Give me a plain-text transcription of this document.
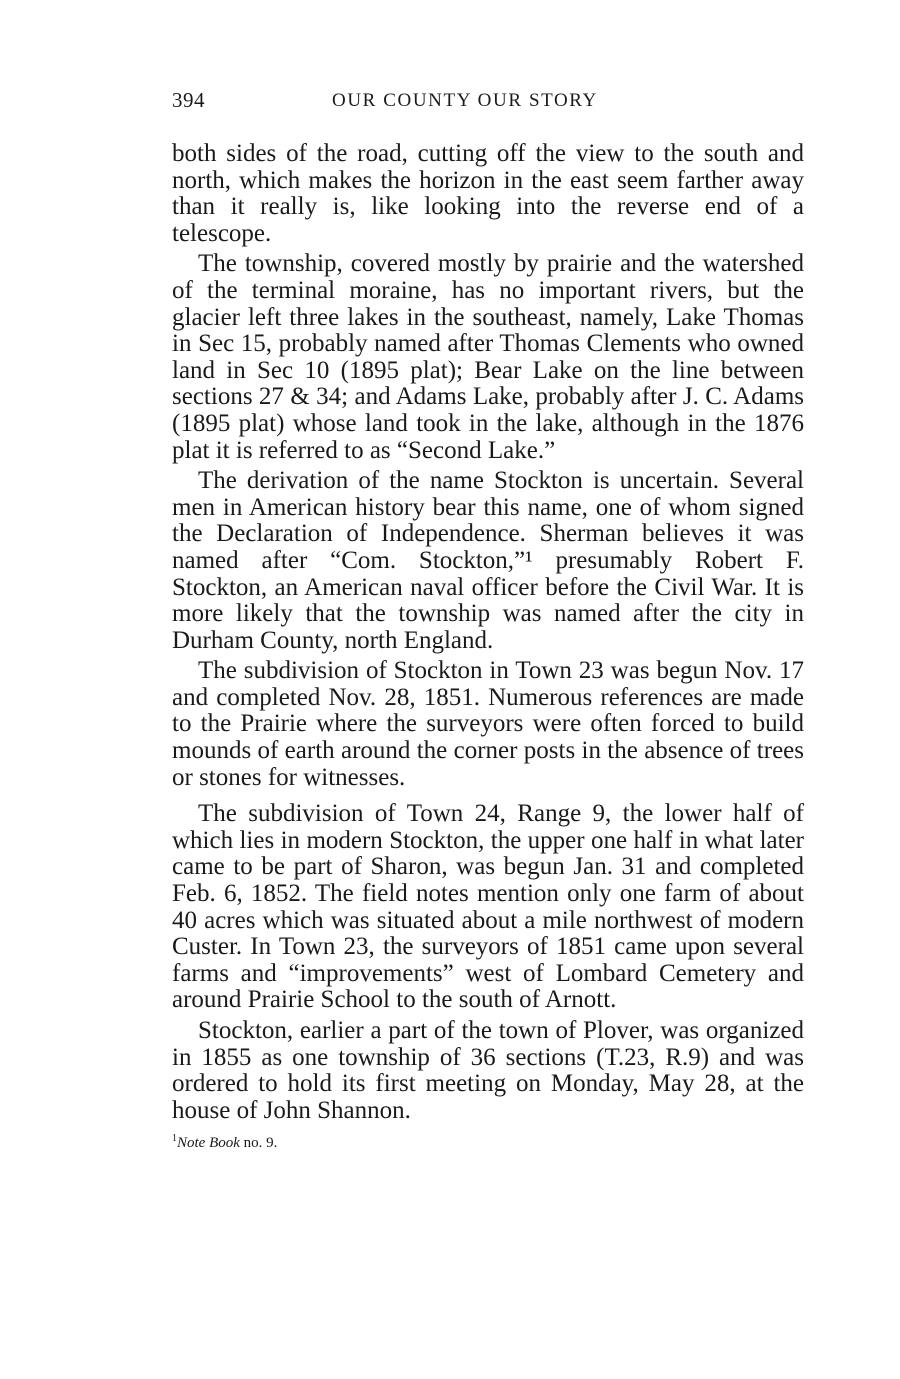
394	OUR COUNTY OUR STORY

both sides of the road, cutting off the view to the south and north, which makes the horizon in the east seem farther away than it really is, like looking into the reverse end of a telescope.

The township, covered mostly by prairie and the watershed of the terminal moraine, has no important rivers, but the glacier left three lakes in the southeast, namely, Lake Thomas in Sec 15, probably named after Thomas Clements who owned land in Sec 10 (1895 plat); Bear Lake on the line between sections 27 & 34; and Adams Lake, probably after J. C. Adams (1895 plat) whose land took in the lake, although in the 1876 plat it is referred to as “Second Lake.”

The derivation of the name Stockton is uncertain. Several men in American history bear this name, one of whom signed the Declaration of Independence. Sherman believes it was named after “Com. Stockton,”¹ presumably Robert F. Stockton, an American naval officer before the Civil War. It is more likely that the township was named after the city in Durham County, north England.

The subdivision of Stockton in Town 23 was begun Nov. 17 and completed Nov. 28, 1851. Numerous references are made to the Prairie where the surveyors were often forced to build mounds of earth around the corner posts in the absence of trees or stones for witnesses.

The subdivision of Town 24, Range 9, the lower half of which lies in modern Stockton, the upper one half in what later came to be part of Sharon, was begun Jan. 31 and completed Feb. 6, 1852. The field notes mention only one farm of about 40 acres which was situated about a mile northwest of modern Custer. In Town 23, the surveyors of 1851 came upon several farms and “improvements” west of Lombard Cemetery and around Prairie School to the south of Arnott.

Stockton, earlier a part of the town of Plover, was organized in 1855 as one township of 36 sections (T.23, R.9) and was ordered to hold its first meeting on Monday, May 28, at the house of John Shannon.

$^1$Note Book no. 9.
